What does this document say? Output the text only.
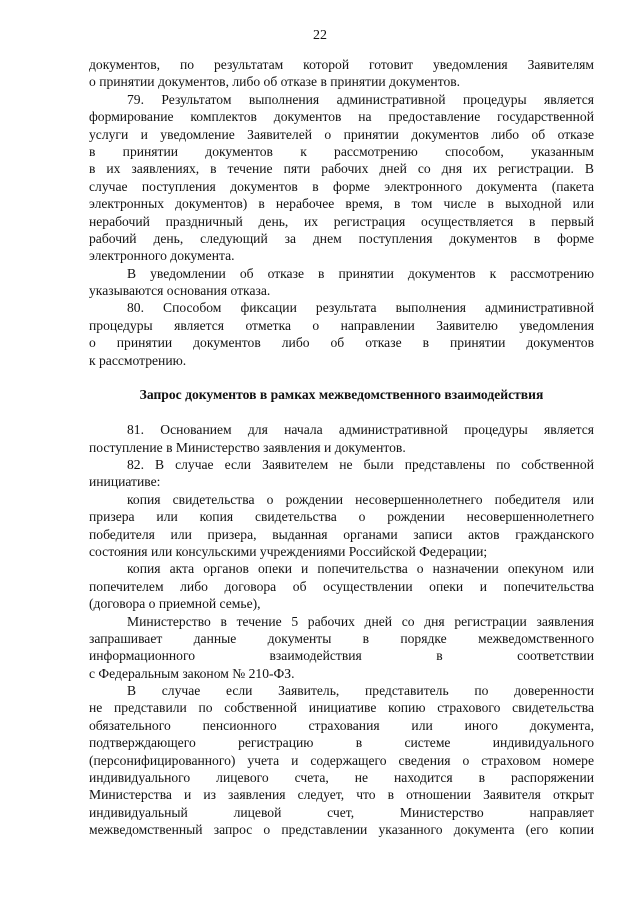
22
документов, по результатам которой готовит уведомления Заявителям
о принятии документов, либо об отказе в принятии документов.
79. Результатом выполнения административной процедуры является
формирование комплектов документов на предоставление государственной
услуги и уведомление Заявителей о принятии документов либо об отказе
в принятии документов к рассмотрению способом, указанным
в их заявлениях, в течение пяти рабочих дней со дня их регистрации. В
случае поступления документов в форме электронного документа (пакета
электронных документов) в нерабочее время, в том числе в выходной или
нерабочий праздничный день, их регистрация осуществляется в первый
рабочий день, следующий за днем поступления документов в форме
электронного документа.
В уведомлении об отказе в принятии документов к рассмотрению
указываются основания отказа.
80. Способом фиксации результата выполнения административной
процедуры является отметка о направлении Заявителю уведомления
о принятии документов либо об отказе в принятии документов
к рассмотрению.
Запрос документов в рамках межведомственного взаимодействия
81. Основанием для начала административной процедуры является
поступление в Министерство заявления и документов.
82. В случае если Заявителем не были представлены по собственной
инициативе:
копия свидетельства о рождении несовершеннолетнего победителя или
призера или копия свидетельства о рождении несовершеннолетнего
победителя или призера, выданная органами записи актов гражданского
состояния или консульскими учреждениями Российской Федерации;
копия акта органов опеки и попечительства о назначении опекуном или
попечителем либо договора об осуществлении опеки и попечительства
(договора о приемной семье),
Министерство в течение 5 рабочих дней со дня регистрации заявления
запрашивает данные документы в порядке межведомственного
информационного взаимодействия в соответствии
с Федеральным законом № 210-ФЗ.
В случае если Заявитель, представитель по доверенности
не представили по собственной инициативе копию страхового свидетельства
обязательного пенсионного страхования или иного документа,
подтверждающего регистрацию в системе индивидуального
(персонифицированного) учета и содержащего сведения о страховом номере
индивидуального лицевого счета, не находится в распоряжении
Министерства и из заявления следует, что в отношении Заявителя открыт
индивидуальный лицевой счет, Министерство направляет
межведомственный запрос о представлении указанного документа (его копии
